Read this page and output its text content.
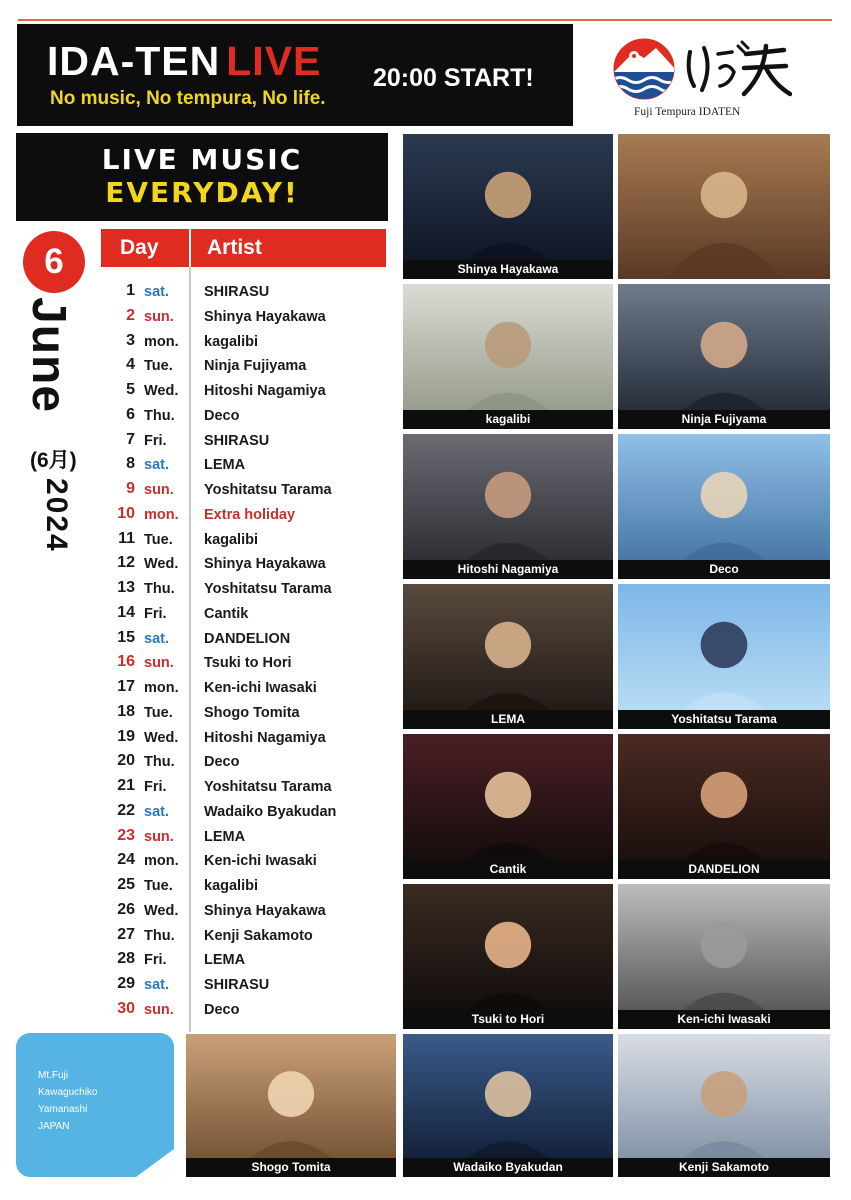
IDA-TEN LIVE
No music, No tempura, No life.
20:00 START!
Fuji Tempura IDATEN
LIVE MUSIC
EVERYDAY!
6
June
(6月)
2024
Day Artist
1 sat. SHIRASU
2 sun. Shinya Hayakawa
3 mon. kagalibi
4 Tue. Ninja Fujiyama
5 Wed. Hitoshi Nagamiya
6 Thu. Deco
7 Fri.	SHIRASU
8 sat. LEMA
9 sun. Yoshitatsu Tarama
10 mon. Extra holiday
11 Tue. kagalibi
12 Wed. Shinya Hayakawa
13 Thu. Yoshitatsu Tarama
14 Fri.	Cantik
15 sat. DANDELION
16 sun. Tsuki to Hori
17 mon. Ken-ichi Iwasaki
18 Tue. Shogo Tomita
19 Wed. Hitoshi Nagamiya
20 Thu. Deco
21 Fri.	Yoshitatsu Tarama
22 sat. Wadaiko Byakudan
23 sun. LEMA
24 mon. Ken-ichi Iwasaki
25 Tue. kagalibi
26 Wed. Shinya Hayakawa
27 Thu. Kenji Sakamoto
28 Fri.	LEMA
29 sat. SHIRASU
30 sun. Deco
Mt.Fuji
Kawaguchiko
Yamanashi
JAPAN
Shinya Hayakawa
kagalibi	Ninja Fujiyama
Hitoshi Nagamiya	Deco
LEMA	Yoshitatsu Tarama
Cantik	DANDELION
Tsuki to Hori	Ken-ichi Iwasaki
Shogo Tomita	Wadaiko Byakudan	Kenji Sakamoto
